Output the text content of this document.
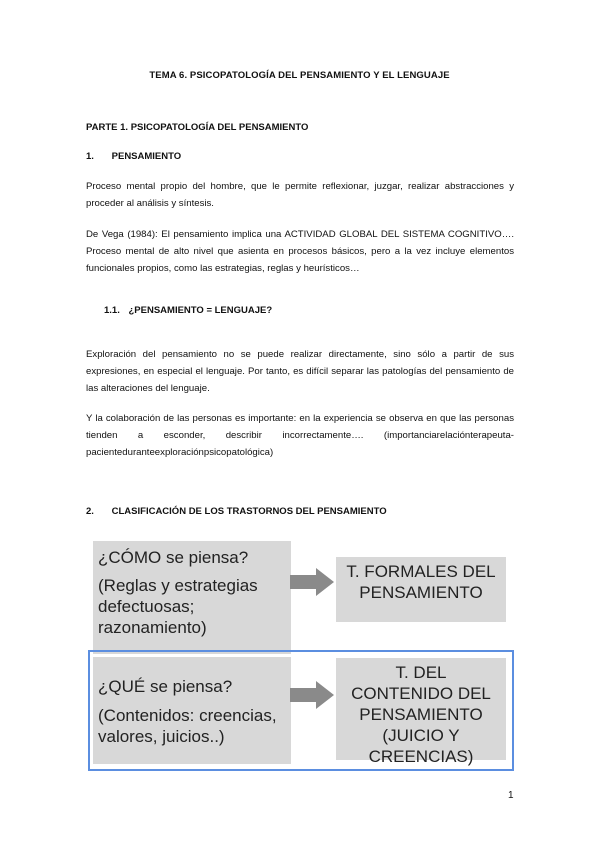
TEMA 6. PSICOPATOLOGÍA DEL PENSAMIENTO Y EL LENGUAJE
PARTE 1. PSICOPATOLOGÍA DEL PENSAMIENTO
1. PENSAMIENTO
Proceso mental propio del hombre, que le permite reflexionar, juzgar, realizar abstracciones y proceder al análisis y síntesis.
De Vega (1984): El pensamiento implica una ACTIVIDAD GLOBAL DEL SISTEMA COGNITIVO…. Proceso mental de alto nivel que asienta en procesos básicos, pero a la vez incluye elementos funcionales propios, como las estrategias, reglas y heurísticos…
1.1. ¿PENSAMIENTO = LENGUAJE?
Exploración del pensamiento no se puede realizar directamente, sino sólo a partir de sus expresiones, en especial el lenguaje. Por tanto, es difícil separar las patologías del pensamiento de las alteraciones del lenguaje.
Y la colaboración de las personas es importante: en la experiencia se observa en que las personas tienden a esconder, describir incorrectamente…. (importanciarelaciónterapeuta-pacienteduranteexploraciónpsicopatológica)
2. CLASIFICACIÓN DE LOS TRASTORNOS DEL PENSAMIENTO
¿CÓMO se piensa?
(Reglas y estrategias defectuosas; razonamiento)
T. FORMALES DEL PENSAMIENTO
¿QUÉ se piensa?
(Contenidos: creencias, valores, juicios..)
T. DEL CONTENIDO DEL PENSAMIENTO (JUICIO Y CREENCIAS)
1
